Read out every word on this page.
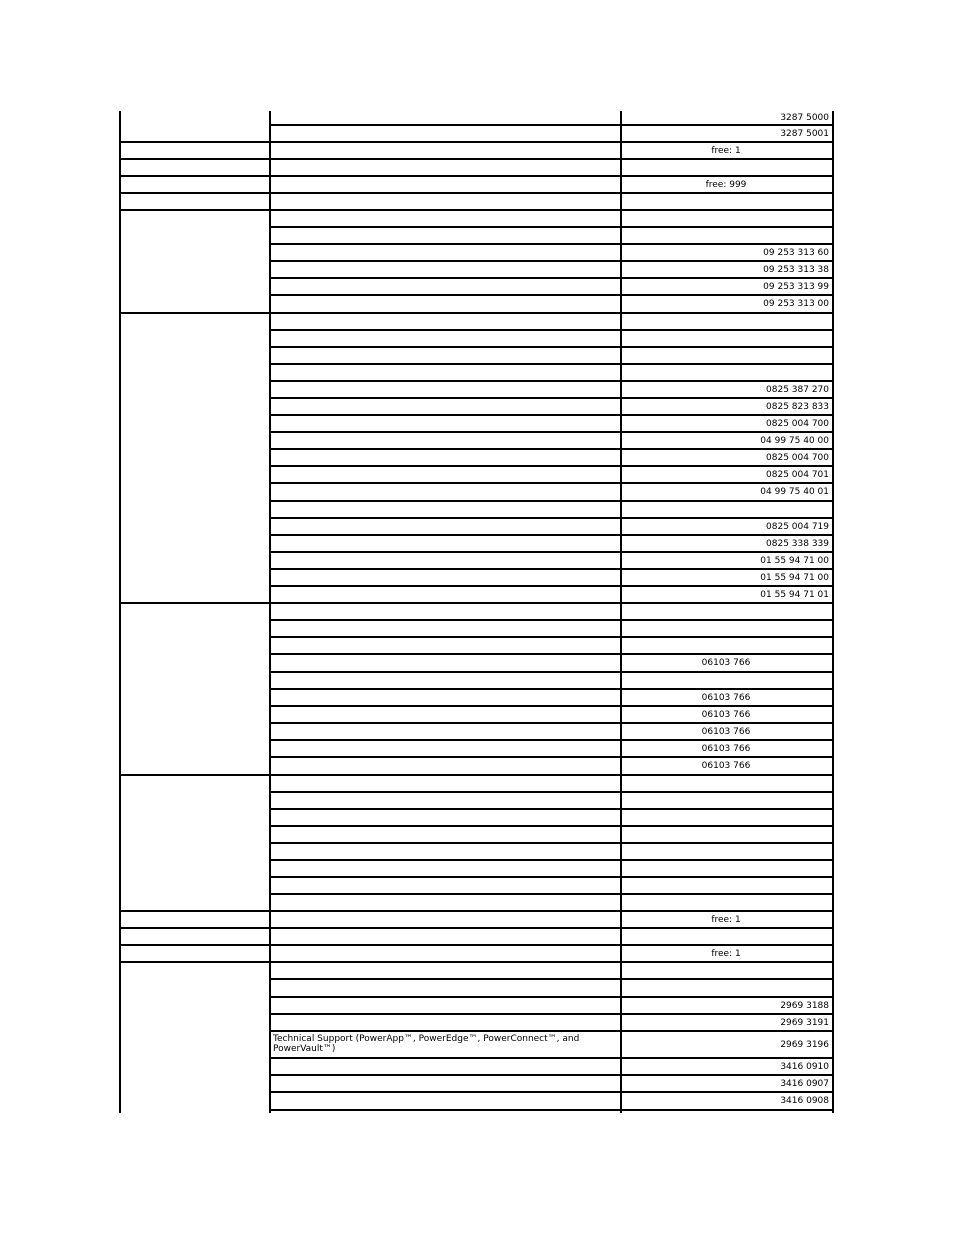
3287 5000
3287 5001
free: 1
free: 999
09 253 313 60
09 253 313 38
09 253 313 99
09 253 313 00
0825 387 270
0825 823 833
0825 004 700
04 99 75 40 00
0825 004 700
0825 004 701
04 99 75 40 01
0825 004 719
0825 338 339
01 55 94 71 00
01 55 94 71 00
01 55 94 71 01
06103 766
06103 766
06103 766
06103 766
06103 766
06103 766
free: 1
free: 1
2969 3188
2969 3191
Technical Support (PowerApp™, PowerEdge™, PowerConnect™, and PowerVault™)	2969 3196
3416 0910
3416 0907
3416 0908
